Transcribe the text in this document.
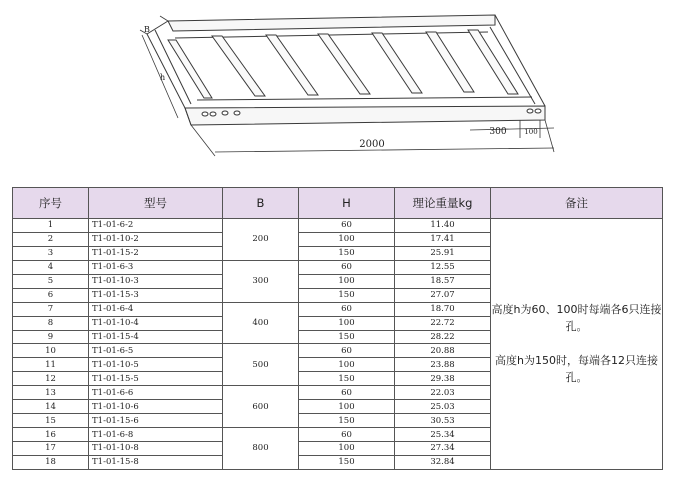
2000
300	100
B
h
序号	型号	B	H	理论重量kg	备注
1	T1-01-6-2	200	60	11.40	高度h为60、100时每端各6只连接孔。
高度h为150时，每端各12只连接孔。

2	T1-01-10-2		100	17.41	
3	T1-01-15-2		150	25.91	
4	T1-01-6-3	300	60	12.55	
5	T1-01-10-3		100	18.57	
6	T1-01-15-3		150	27.07	
7	T1-01-6-4	400	60	18.70	
8	T1-01-10-4		100	22.72	
9	T1-01-15-4		150	28.22	
10	T1-01-6-5	500	60	20.88	
11	T1-01-10-5		100	23.88	
12	T1-01-15-5		150	29.38	
13	T1-01-6-6	600	60	22.03	
14	T1-01-10-6		100	25.03	
15	T1-01-15-6		150	30.53	
16	T1-01-6-8	800	60	25.34	
17	T1-01-10-8		100	27.34	
18	T1-01-15-8		150	32.84	
